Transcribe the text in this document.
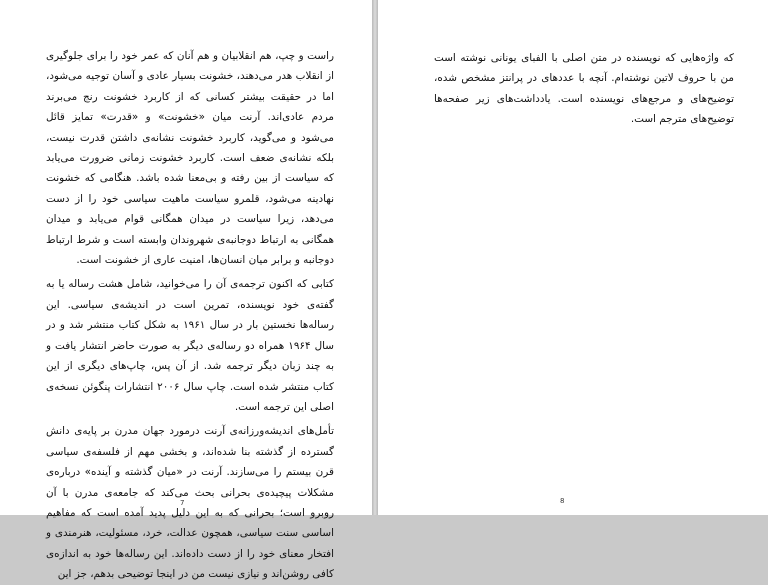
راست و چپ، هم انقلابیان و هم آنان که عمر خود را برای جلوگیری از انقلاب هدر می‌دهند، خشونت بسیار عادی و آسان توجیه می‌شود، اما در حقیقت بیشتر کسانی که از کاربرد خشونت رنج می‌برند مردم عادی‌اند. آرنت میان «خشونت» و «قدرت» تمایز قائل می‌شود و می‌گوید، کاربرد خشونت نشانه‌ی داشتن قدرت نیست، بلکه نشانه‌ی ضعف است. کاربرد خشونت زمانی ضرورت می‌یابد که سیاست از بین رفته و بی‌معنا شده باشد. هنگامی که خشونت نهادینه می‌شود، قلمرو سیاست ماهیت سیاسی خود را از دست می‌دهد، زیرا سیاست در میدان همگانی قوام می‌یابد و میدان همگانی به ارتباط دوجانبه‌ی شهروندان وابسته است و شرط ارتباط دوجانبه و برابر میان انسان‌ها، امنیت عاری از خشونت است.

کتابی که اکنون ترجمه‌ی آن را می‌خوانید، شامل هشت رساله یا به گفته‌ی خود نویسنده، تمرین است در اندیشه‌ی سیاسی. این رساله‌ها نخستین بار در سال ۱۹۶۱ به شکل کتاب منتشر شد و در سال ۱۹۶۴ همراه دو رساله‌ی دیگر به صورت حاضر انتشار یافت و به چند زبان دیگر ترجمه شد. از آن پس، چاپ‌های دیگری از این کتاب منتشر شده است. چاپ سال ۲۰۰۶ انتشارات پنگوئن نسخه‌ی اصلی این ترجمه است.

تأمل‌های اندیشه‌ورزانه‌ی آرنت درمورد جهان مدرن بر پایه‌ی دانش گسترده از گذشته بنا شده‌اند، و بخشی مهم از فلسفه‌ی سیاسی قرن بیستم را می‌سازند. آرنت در «میان گذشته و آینده» درباره‌ی مشکلات پیچیده‌ی بحرانی بحث می‌کند که جامعه‌ی مدرن با آن روبرو است؛ بحرانی که به این دلیل پدید آمده است که مفاهیم اساسی سنت سیاسی، همچون عدالت، خرد، مسئولیت، هنرمندی و افتخار معنای خود را از دست داده‌اند. این رساله‌ها خود به اندازه‌ی کافی روشن‌اند و نیازی نیست من در اینجا توضیحی بدهم، جز این

7

که واژه‌هایی که نویسنده در متن اصلی با الفبای یونانی نوشته است من با حروف لاتین نوشته‌ام. آنچه با عددهای در پرانتز مشخص شده، توضیح‌های و مرجع‌های نویسنده است. یادداشت‌های زیر صفحه‌ها توضیح‌های مترجم است.

8
